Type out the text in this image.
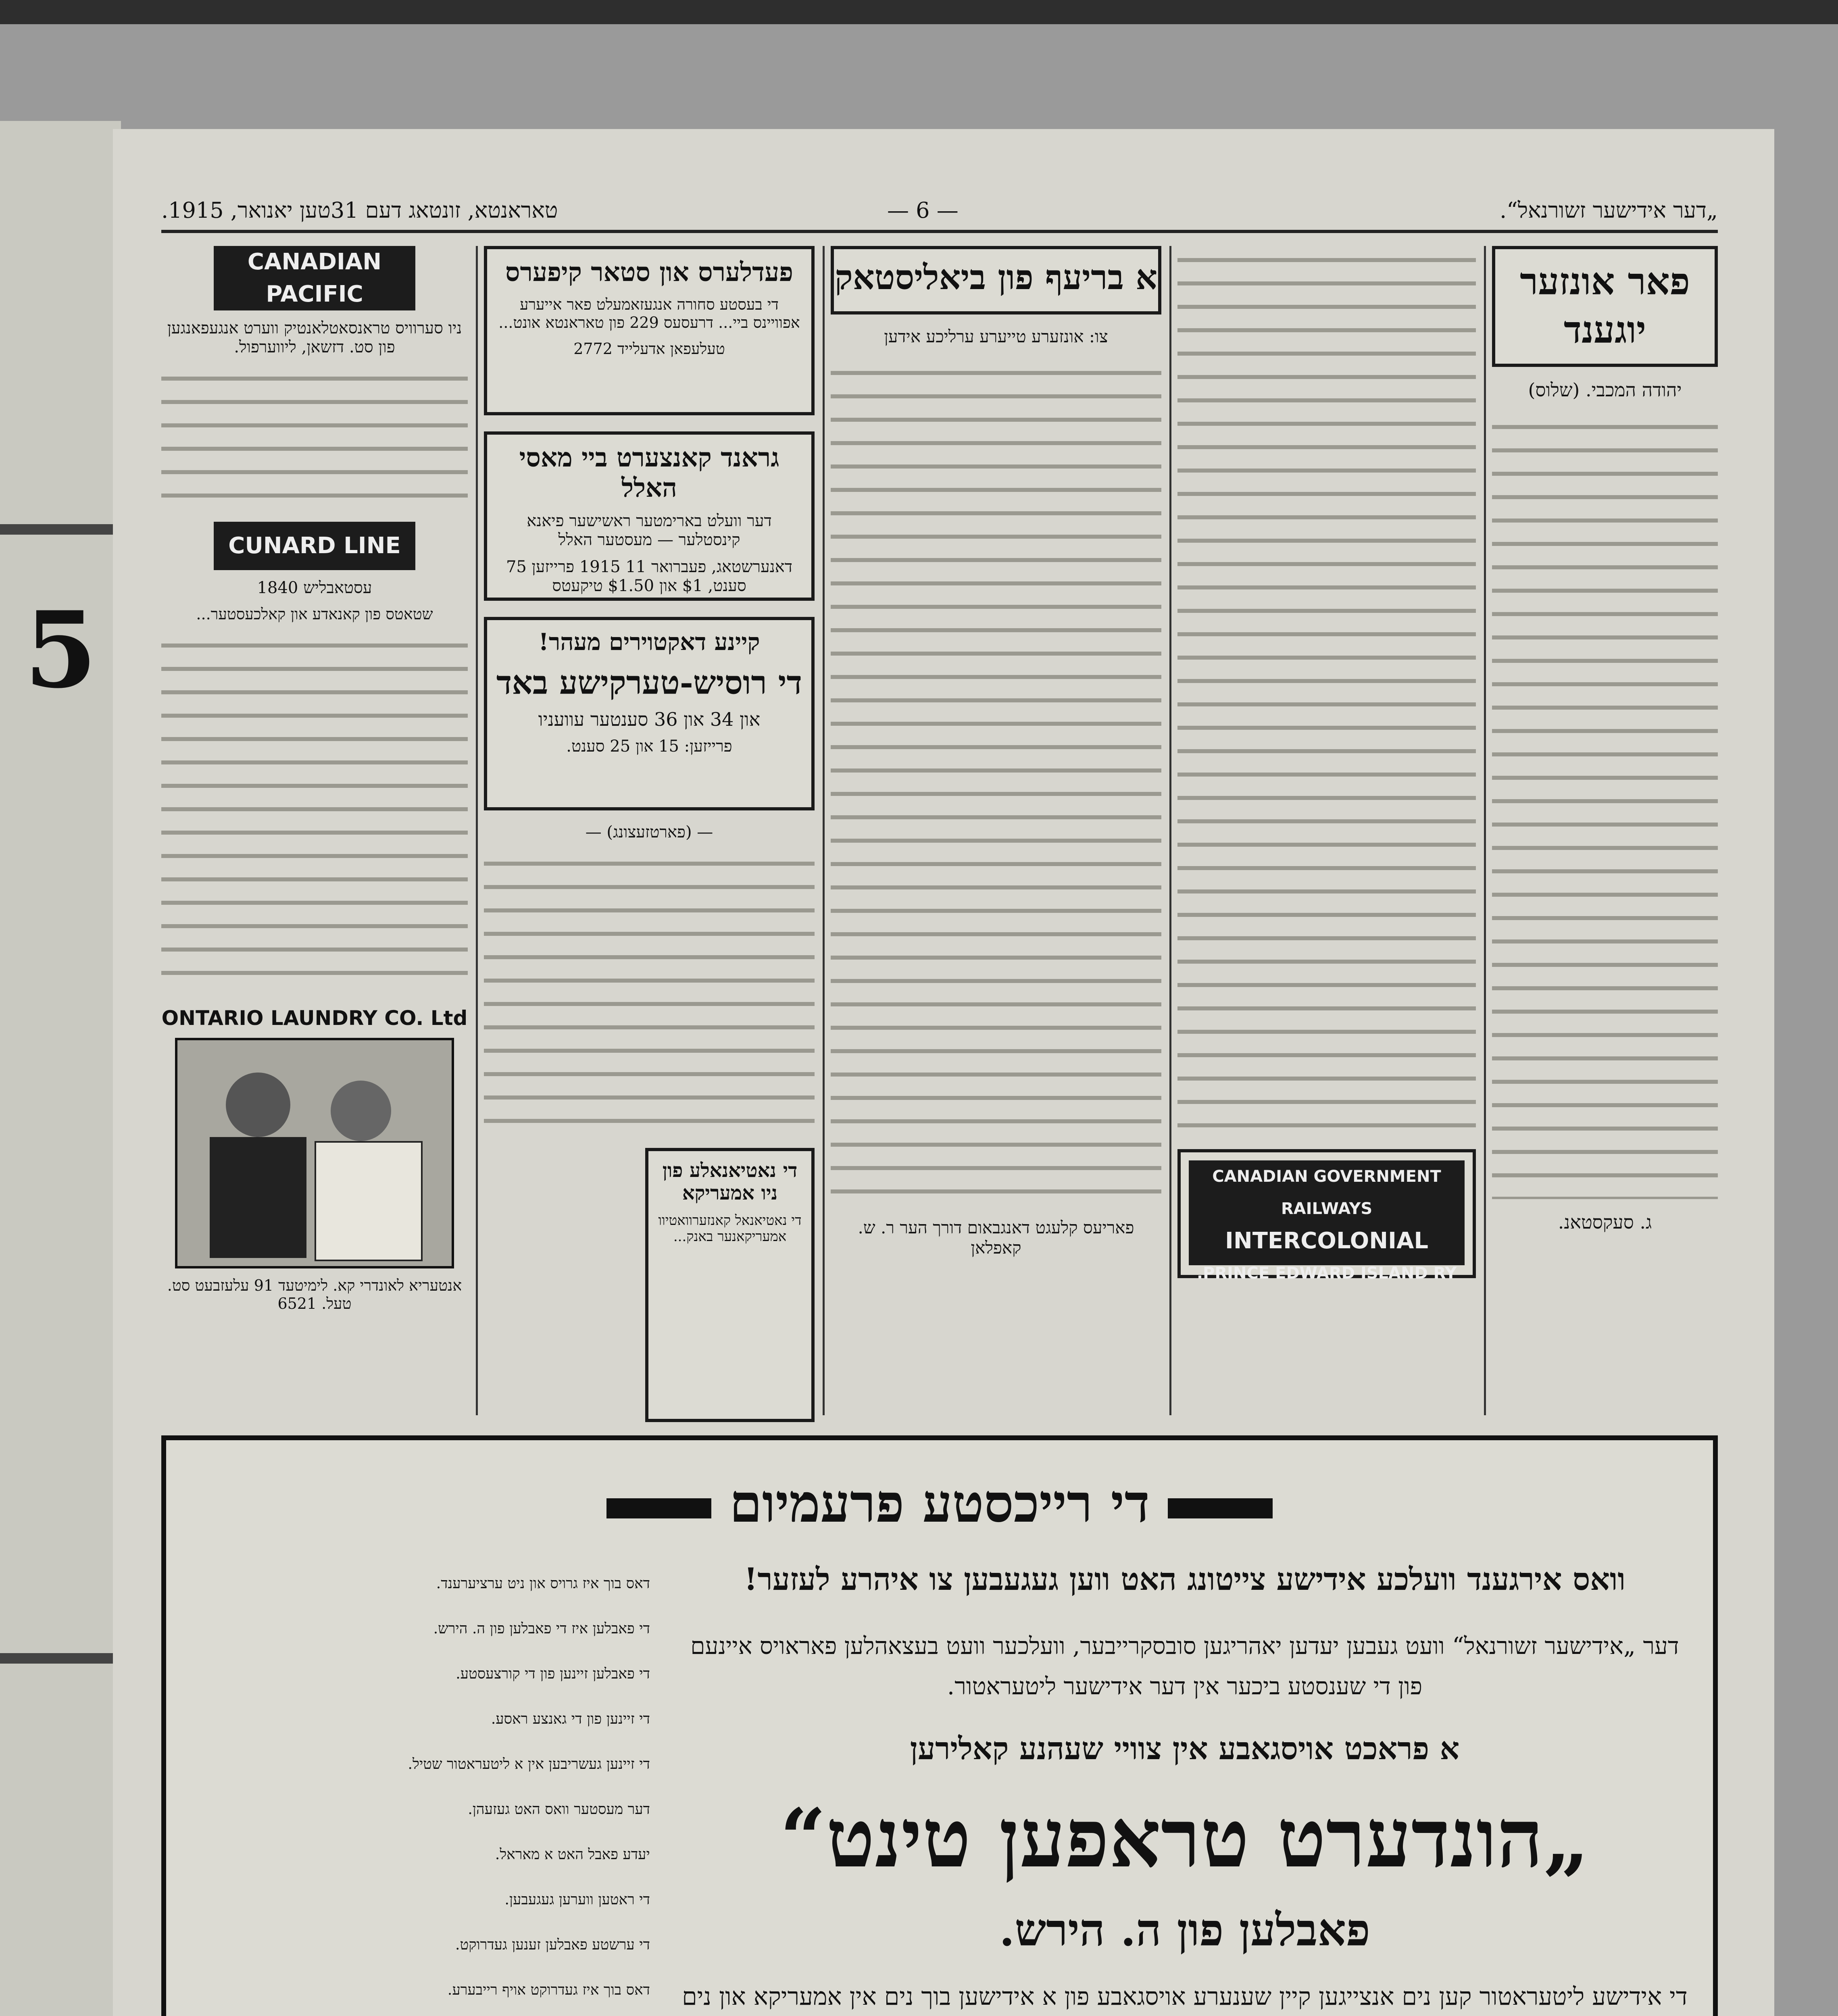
5
טאראנטא, זונטאג דעם 31טען יאנואר, 1915.	— 6 —	„דער אידישער זשורנאל“.
פאר אונזער יוגענד
יהודה המכבי. (שלוס)
ג. סעקסטאנ.
CANADIAN GOVERNMENT RAILWAYS
INTERCOLONIAL
PRINCE EDWARD ISLAND RY.
א בריעף פון ביאליסטאק
צו: אונזערע טייערע ערליכע אידען
פאריעס קלעגט דאנגבאום דורך הער ר. ש. קאפלאן
פעדלערס און סטאר קיפערס
די בעסטע סחורה אנגעזאמעלט פאר אייערע אפוויינס ביי... דרעסעס 229 פון טאראנטא אונט...
טעלעפאן אדעלייד 2772
גראנד קאנצערט ביי מאסי האלל
דער וועלט בארימטער ראשישער פיאנא קינסטלער — מעסטער האלל
דאנערשטאג, פעברואר 11 1915 פרייזען 75 סענט, $1 און $1.50 טיקעטס
קיינע דאקטוירים מעהר!
די רוסיש-טערקישע באד
און 34 און 36 סענטער עוועניו
פרייזען: 15 און 25 סענט.
— (פארטזעצונג) —
די נאטיאנאלע פון ניו אמעריקא
די נאטיאנאל קאנזערוואטיוו אמעריקאנער באנק...
CANADIAN PACIFIC
ניו סערוויס טראנסאטלאנטיק ווערט אנגעפאנגען פון סט. דזשאן, ליווערפול.
CUNARD LINE
עסטאבליש 1840
שטאטס פון קאנאדע און קאלכעסטער...
ONTARIO LAUNDRY CO. Ltd
אנטעריא לאונדרי קא. לימיטעד 91 עלעזבעט סט. טעל. 6521
די רייכסטע פרעמיום
וואס אירגענד וועלכע אידישע צייטונג האט ווען געגעבען צו איהרע לעזער!
דער „אידישער זשורנאל“ וועט געבען יעדען יאהריגען סובסקרייבער, וועלכער וועט בעצאהלען פאראויס איינעם פון די שענסטע ביכער אין דער אידישער ליטעראטור.
א פראכט אויסגאבע אין צוויי שעהנע קאלירען
„הונדערט טראפען טינט“
פאבלען פון ה. הירש.
די אידישע ליטעראטור קען נים אנצייגען קיין שענערע אויסגאבע פון א אידישען בוך נים אין אמעריקא און נים
דאס בוך איז גרויס און ניט ערציערענד.
די פאבלען איז די פאבלען פון ה. הירש.
די פאבלען זיינען פון די קורצעסטע.
די זיינען פון די גאנצע ראסע.
די זיינען געשריבען אין א ליטעראטור שטיל.
דער מעסטער וואס האט געזעהן.
יעדע פאבל האט א מאראל.
די ראטען ווערען געגעבען.
די ערשטע פאבלען זענען געדרוקט.
דאס בוך איז געדרוקט אויף רייבערע.
